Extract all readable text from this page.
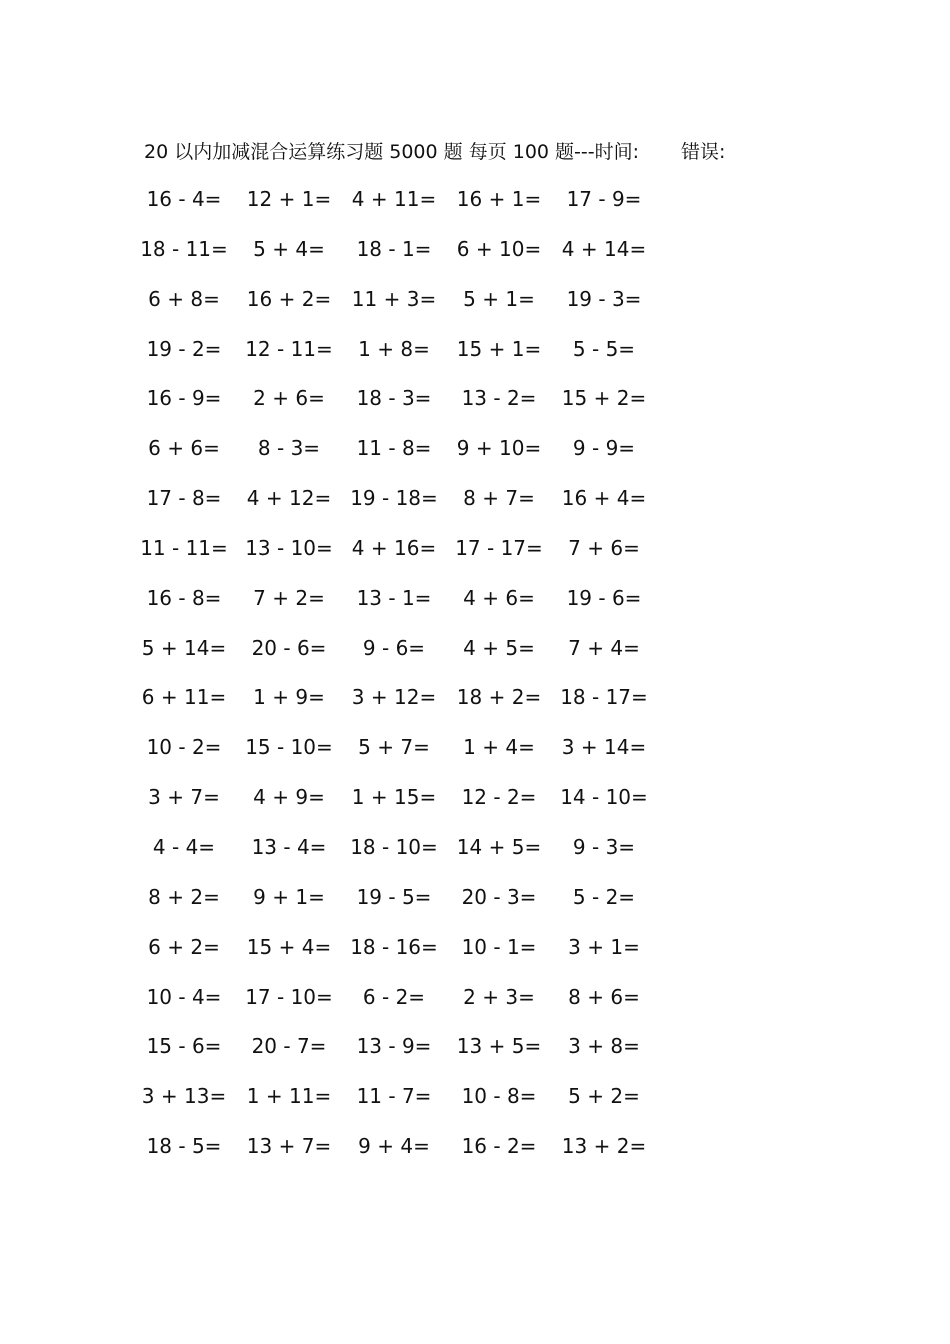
20 以内加减混合运算练习题 5000 题 每页 100 题---时间: 错误:
16 - 4=	12 + 1=	4 + 11=	16 + 1=	17 - 9=
18 - 11=	5 + 4=	18 - 1=	6 + 10=	4 + 14=
6 + 8=	16 + 2=	11 + 3=	5 + 1=	19 - 3=
19 - 2=	12 - 11=	1 + 8=	15 + 1=	5 - 5=
16 - 9=	2 + 6=	18 - 3=	13 - 2=	15 + 2=
6 + 6=	8 - 3=	11 - 8=	9 + 10=	9 - 9=
17 - 8=	4 + 12= 19 - 18=	8 + 7=	16 + 4=
11 - 11= 13 - 10= 4 + 16= 17 - 17=	7 + 6=
16 - 8=	7 + 2=	13 - 1=	4 + 6=	19 - 6=
5 + 14=	20 - 6=	9 - 6=	4 + 5=	7 + 4=
6 + 11=	1 + 9=	3 + 12=	18 + 2= 18 - 17=
10 - 2=	15 - 10=	5 + 7=	1 + 4=	3 + 14=
3 + 7=	4 + 9=	1 + 15=	12 - 2=	14 - 10=
4 - 4=	13 - 4=	18 - 10= 14 + 5=	9 - 3=
8 + 2=	9 + 1=	19 - 5=	20 - 3=	5 - 2=
6 + 2=	15 + 4= 18 - 16=	10 - 1=	3 + 1=
10 - 4=	17 - 10=	6 - 2=	2 + 3=	8 + 6=
15 - 6=	20 - 7=	13 - 9=	13 + 5=	3 + 8=
3 + 13=	1 + 11=	11 - 7=	10 - 8=	5 + 2=
18 - 5=	13 + 7=	9 + 4=	16 - 2=	13 + 2=
